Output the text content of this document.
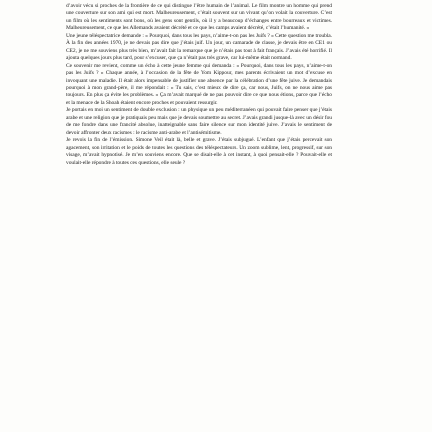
d’avoir vécu si proches de la frontière de ce qui distingue l’être humain de l’animal. Le film montre un homme qui prend une couverture sur son ami qui est mort. Malheureusement, c’était souvent sur un vivant qu’on volait la couverture. C’est un film où les sentiments sont bons, où les gens sont gentils, où il y a beaucoup d’échanges entre bourreaux et victimes. Malheureusement, ce que les Allemands avaient décrété et ce que les camps avaient décrété, c’était l’humanité. »

Une jeune téléspectatrice demande : « Pourquoi, dans tous les pays, n’aime-t-on pas les Juifs ? » Cette question me troubla. À la fin des années 1970, je ne devais pas dire que j’étais juif. Un jour, un camarade de classe, je devais être en CE1 ou CE2, je ne me souviens plus très bien, m’avait fait la remarque que je n’étais pas tout à fait français. J’avais été horrifié. Il ajouta quelques jours plus tard, pour s’excuser, que ça n’était pas très grave, car lui-même était normand.

Ce souvenir me revient, comme un écho à cette jeune femme qui demanda : « Pourquoi, dans tous les pays, n’aime-t-on pas les Juifs ? » Chaque année, à l’occasion de la fête de Yom Kippour, mes parents écrivaient un mot d’excuse en invoquant une maladie. Il était alors impensable de justifier une absence par la célébration d’une fête juive. Je demandais pourquoi à mon grand-père, il me répondait : « Tu sais, c’est mieux de dire ça, car nous, Juifs, on ne nous aime pas toujours. En plus ça évite les problèmes. » Ça m’avait marqué de ne pas pouvoir dire ce que nous étions, parce que l’écho et la menace de la Shoah étaient encore proches et pouvaient ressurgir.

Je portais en moi un sentiment de double exclusion : un physique un peu méditerranéen qui pouvait faire penser que j’étais arabe et une religion que je pratiquais peu mais que je devais soumettre au secret. J’avais grandi jusque-là avec un désir fou de me fondre dans une francité absolue, inatteignable sans faire silence sur mon identité juive. J’avais le sentiment de devoir affronter deux racismes : le racisme anti-arabe et l’antisémitisme.

Je revois la fin de l’émission. Simone Veil était là, belle et grave. J’étais subjugué. L’enfant que j’étais percevait son agacement, son irritation et le poids de toutes les questions des téléspectateurs. Un zoom sublime, lent, progressif, sur son visage, m’avait hypnotisé. Je m’en souviens encore. Que se disait-elle à cet instant, à quoi pensait-elle ? Pouvait-elle et voulait-elle répondre à toutes ces questions, elle seule ?
